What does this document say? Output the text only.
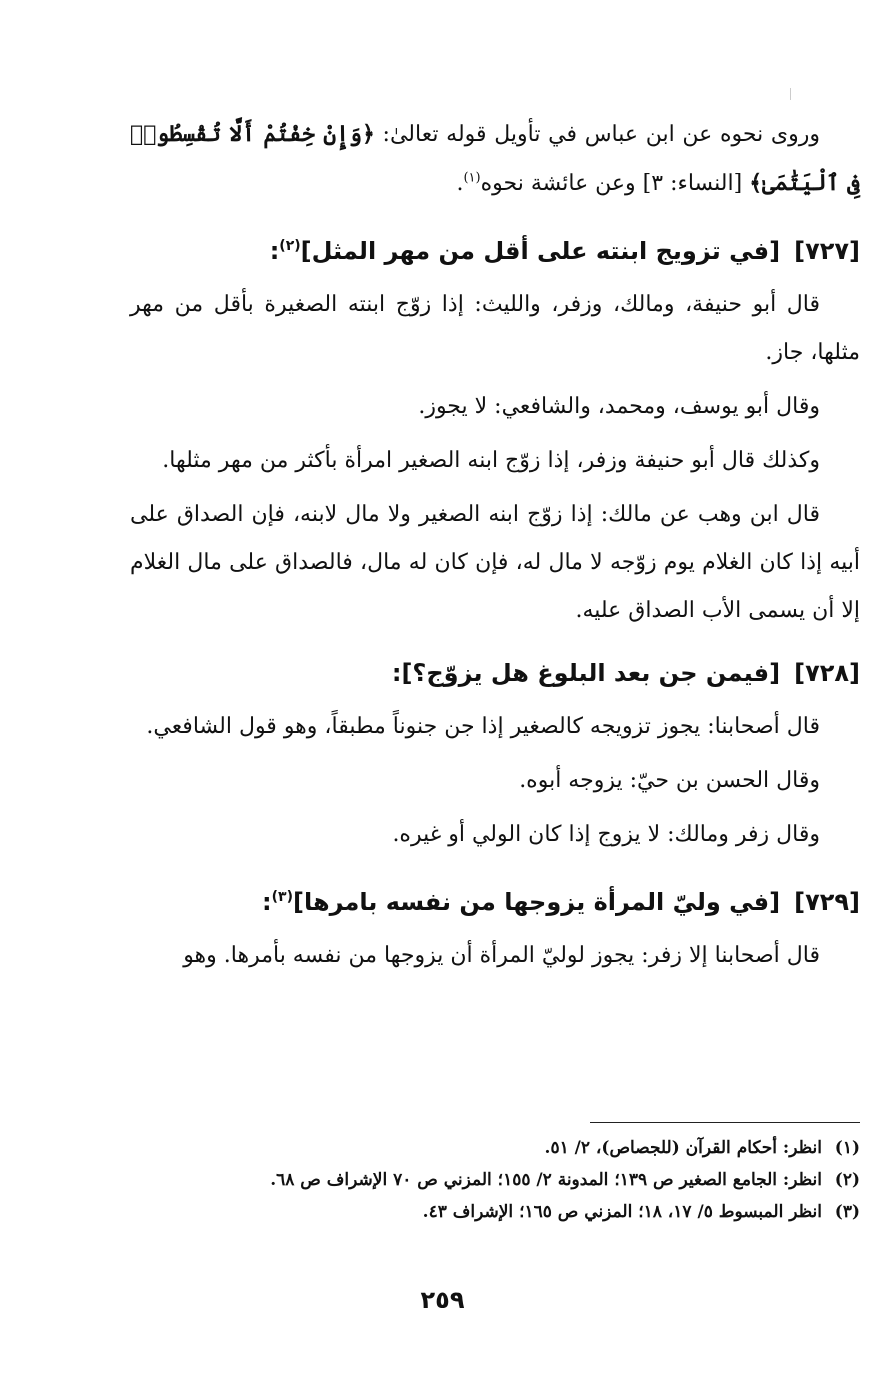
وروى نحوه عن ابن عباس في تأويل قوله تعالىٰ: ﴿وَإِنْ خِفْتُمْ أَلَّا تُقْسِطُوا۟ فِى ٱلْيَتَٰمَىٰ﴾ [النساء: ٣] وعن عائشة نحوه$^{(١)}$.

[٧٢٧][في تزويج ابنته على أقل من مهر المثل]$^{(٢)}$:

قال أبو حنيفة، ومالك، وزفر، والليث: إذا زوّج ابنته الصغيرة بأقل من مهر مثلها، جاز.

وقال أبو يوسف، ومحمد، والشافعي: لا يجوز.

وكذلك قال أبو حنيفة وزفر، إذا زوّج ابنه الصغير امرأة بأكثر من مهر مثلها.

قال ابن وهب عن مالك: إذا زوّج ابنه الصغير ولا مال لابنه، فإن الصداق على أبيه إذا كان الغلام يوم زوّجه لا مال له، فإن كان له مال، فالصداق على مال الغلام إلا أن يسمى الأب الصداق عليه.

[٧٢٨][فيمن جن بعد البلوغ هل يزوّج؟]:

قال أصحابنا: يجوز تزويجه كالصغير إذا جن جنوناً مطبقاً، وهو قول الشافعي.

وقال الحسن بن حيّ: يزوجه أبوه.

وقال زفر ومالك: لا يزوج إذا كان الولي أو غيره.

[٧٢٩][في وليّ المرأة يزوجها من نفسه بامرها]$^{(٣)}$:

قال أصحابنا إلا زفر: يجوز لوليّ المرأة أن يزوجها من نفسه بأمرها. وهو

(١)انظر: أحكام القرآن (للجصاص)، ٢/ ٥١.
(٢)انظر: الجامع الصغير ص ١٣٩؛ المدونة ٢/ ١٥٥؛ المزني ص ٧٠ الإشراف ص ٦٨.
(٣)انظر المبسوط ٥/ ١٧، ١٨؛ المزني ص ١٦٥؛ الإشراف ٤٣.
٢٥٩
